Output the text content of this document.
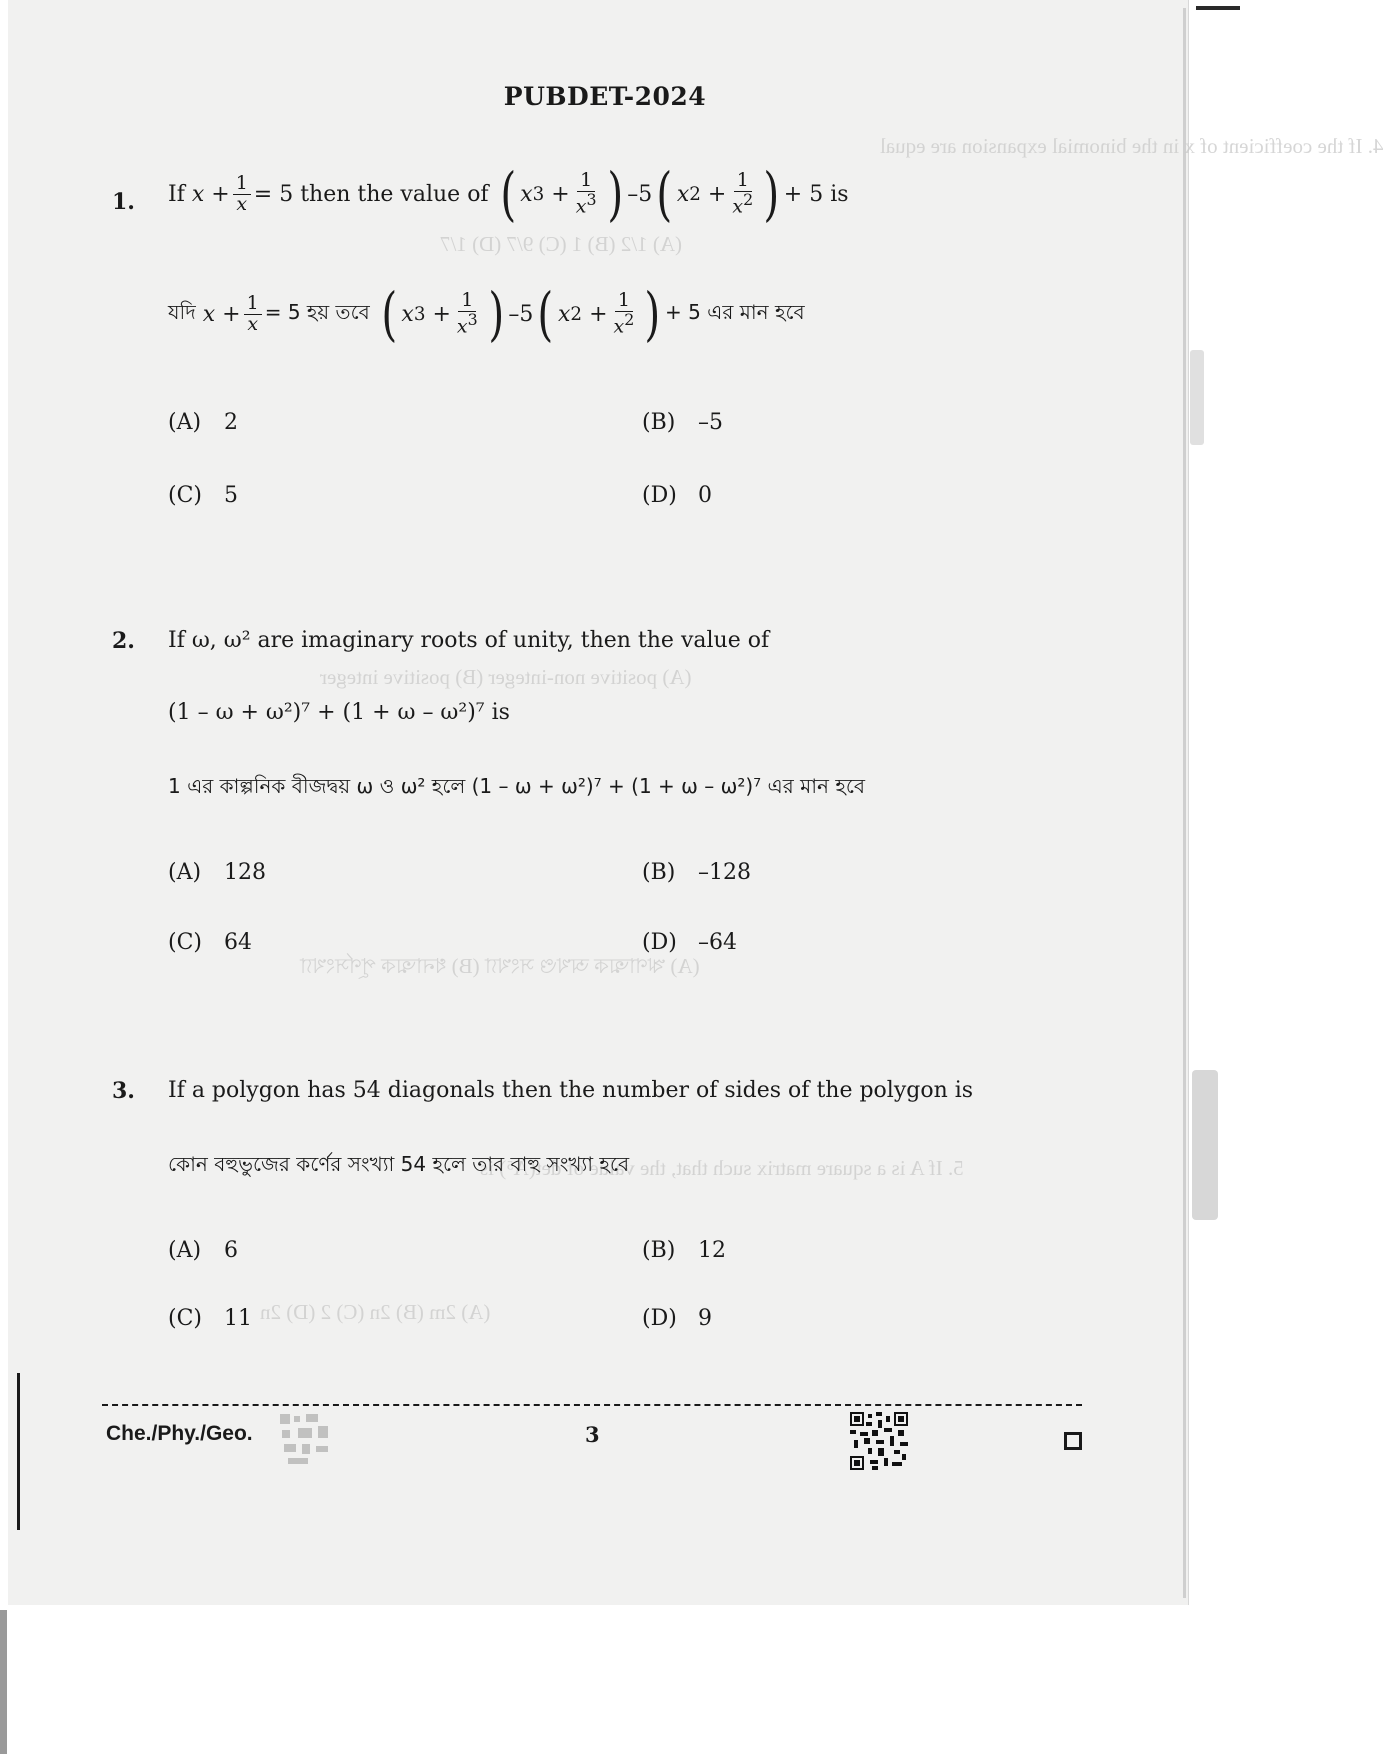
4. If the coefficient of x in the binomial expansion are equal
(A) 1/2 (B) 1 (C) 9/7 (D) 1/7
(A) positive non-integer (B) positive integer
(A) ঋণাত্মক অখণ্ড সংখ্যা (B) ধনাত্মক পূর্ণসংখ্যা
5. If A is a square matrix such that, the value of det(A⁵) is
(A) 2m (B) 2n (C) 2 (D) 2n
PUBDET-2024
1. If
$x + \frac{1}{x} = 5$ then the value of
( x $3 + \frac{1}{x^3}$ ) –5 ( x $2 + \frac{1}{x^2}$ ) + 5 is
যদি
$x + \frac{1}{x} = 5$ হয় তবে
( x $3 + \frac{1}{x^3}$ ) –5 ( x $2 + \frac{1}{x^2}$ ) + 5 এর মান হবে
(A) 2	(B) –5
(C) 5	(D) 0
2. If ω, ω² are imaginary roots of unity, then the value of
(1 – ω + ω²)⁷ + (1 + ω – ω²)⁷ is
1 এর কাল্পনিক বীজদ্বয় ω ও ω² হলে (1 – ω + ω²)⁷ + (1 + ω – ω²)⁷ এর মান হবে
(A) 128	(B) –128
(C) 64	(D) –64
3. If a polygon has 54 diagonals then the number of sides of the polygon is
কোন বহুভুজের কর্ণের সংখ্যা 54 হলে তার বাহু সংখ্যা হবে
(A) 6	(B) 12
(C) 11	(D) 9
Che./Phy./Geo.	3
